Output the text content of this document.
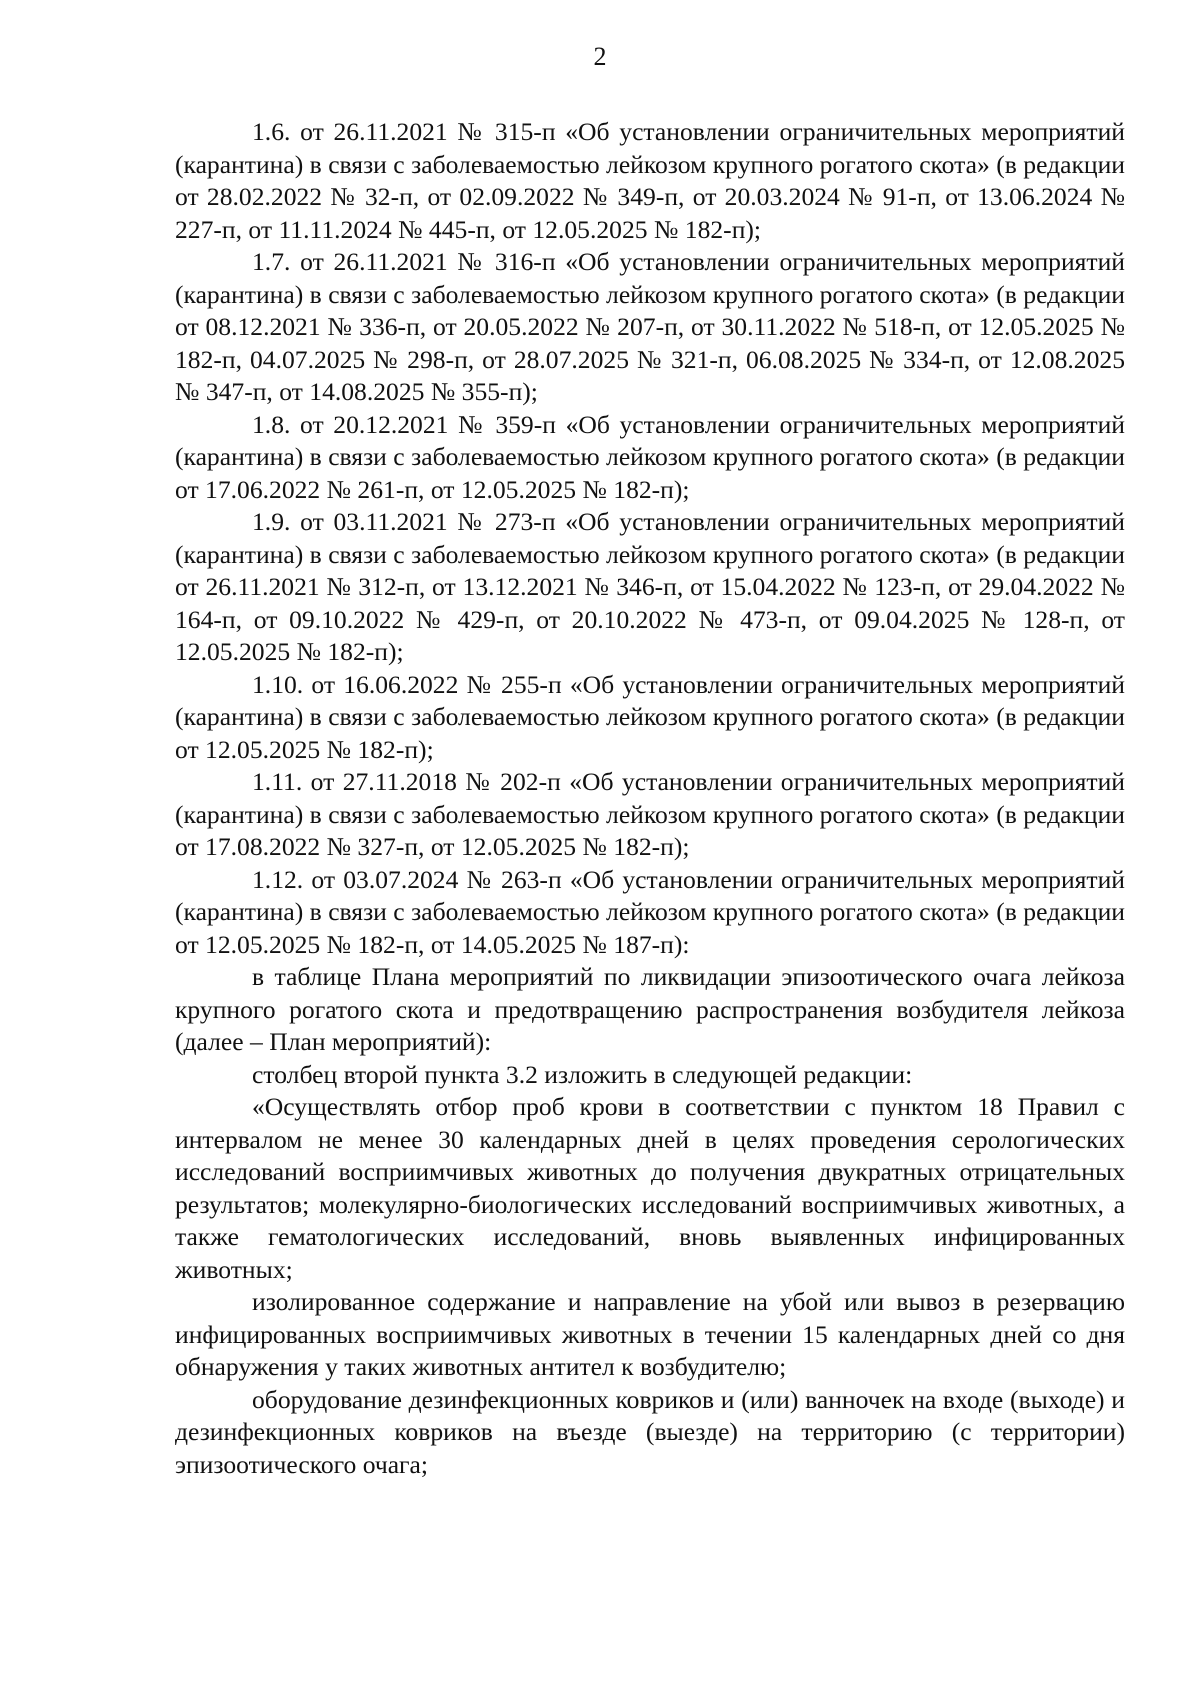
2

1.6. от 26.11.2021 № 315-п «Об установлении ограничительных мероприятий (карантина) в связи с заболеваемостью лейкозом крупного рогатого скота» (в редакции от 28.02.2022 № 32-п, от 02.09.2022 № 349-п, от 20.03.2024 № 91-п, от 13.06.2024 № 227-п, от 11.11.2024 № 445-п, от 12.05.2025 № 182-п);

1.7. от 26.11.2021 № 316-п «Об установлении ограничительных мероприятий (карантина) в связи с заболеваемостью лейкозом крупного рогатого скота» (в редакции от 08.12.2021 № 336-п, от 20.05.2022 № 207-п, от 30.11.2022 № 518-п, от 12.05.2025 № 182-п, 04.07.2025 № 298-п, от 28.07.2025 № 321-п, 06.08.2025 № 334-п, от 12.08.2025 № 347-п, от 14.08.2025 № 355-п);

1.8. от 20.12.2021 № 359-п «Об установлении ограничительных мероприятий (карантина) в связи с заболеваемостью лейкозом крупного рогатого скота» (в редакции от 17.06.2022 № 261-п, от 12.05.2025 № 182-п);

1.9. от 03.11.2021 № 273-п «Об установлении ограничительных мероприятий (карантина) в связи с заболеваемостью лейкозом крупного рогатого скота» (в редакции от 26.11.2021 № 312-п, от 13.12.2021 № 346-п, от 15.04.2022 № 123-п, от 29.04.2022 № 164-п, от 09.10.2022 № 429-п, от 20.10.2022 № 473-п, от 09.04.2025 № 128-п, от 12.05.2025 № 182-п);

1.10. от 16.06.2022 № 255-п «Об установлении ограничительных мероприятий (карантина) в связи с заболеваемостью лейкозом крупного рогатого скота» (в редакции от 12.05.2025 № 182-п);

1.11. от 27.11.2018 № 202-п «Об установлении ограничительных мероприятий (карантина) в связи с заболеваемостью лейкозом крупного рогатого скота» (в редакции от 17.08.2022 № 327-п, от 12.05.2025 № 182-п);

1.12. от 03.07.2024 № 263-п «Об установлении ограничительных мероприятий (карантина) в связи с заболеваемостью лейкозом крупного рогатого скота» (в редакции от 12.05.2025 № 182-п, от 14.05.2025 № 187-п):

в таблице Плана мероприятий по ликвидации эпизоотического очага лейкоза крупного рогатого скота и предотвращению распространения возбудителя лейкоза (далее – План мероприятий):

столбец второй пункта 3.2 изложить в следующей редакции:

«Осуществлять отбор проб крови в соответствии с пунктом 18 Правил с интервалом не менее 30 календарных дней в целях проведения серологических исследований восприимчивых животных до получения двукратных отрицательных результатов; молекулярно-биологических исследований восприимчивых животных, а также гематологических исследований, вновь выявленных инфицированных животных;

изолированное содержание и направление на убой или вывоз в резервацию инфицированных восприимчивых животных в течении 15 календарных дней со дня обнаружения у таких животных антител к возбудителю;

оборудование дезинфекционных ковриков и (или) ванночек на входе (выходе) и дезинфекционных ковриков на въезде (выезде) на территорию (с территории) эпизоотического очага;
